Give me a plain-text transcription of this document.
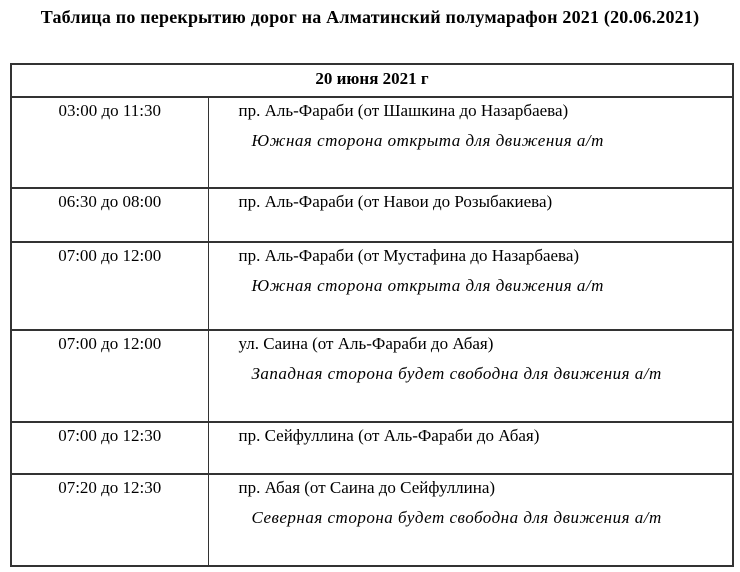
Таблица по перекрытию дорог на Алматинский полумарафон 2021 (20.06.2021)
20 июня 2021 г	
03:00 до 11:30	пр. Аль-Фараби (от Шашкина до Назарбаева)
Южная сторона открыта для движения а/т

06:30 до 08:00	пр. Аль-Фараби (от Навои до Розыбакиева)

07:00 до 12:00	пр. Аль-Фараби (от Мустафина до Назарбаева)
Южная сторона открыта для движения а/т

07:00 до 12:00	ул. Саина (от Аль-Фараби до Абая)
Западная сторона будет свободна для движения а/т

07:00 до 12:30	пр. Сейфуллина (от Аль-Фараби до Абая)

07:20 до 12:30	пр. Абая (от Саина до Сейфуллина)
Северная сторона будет свободна для движения а/т
